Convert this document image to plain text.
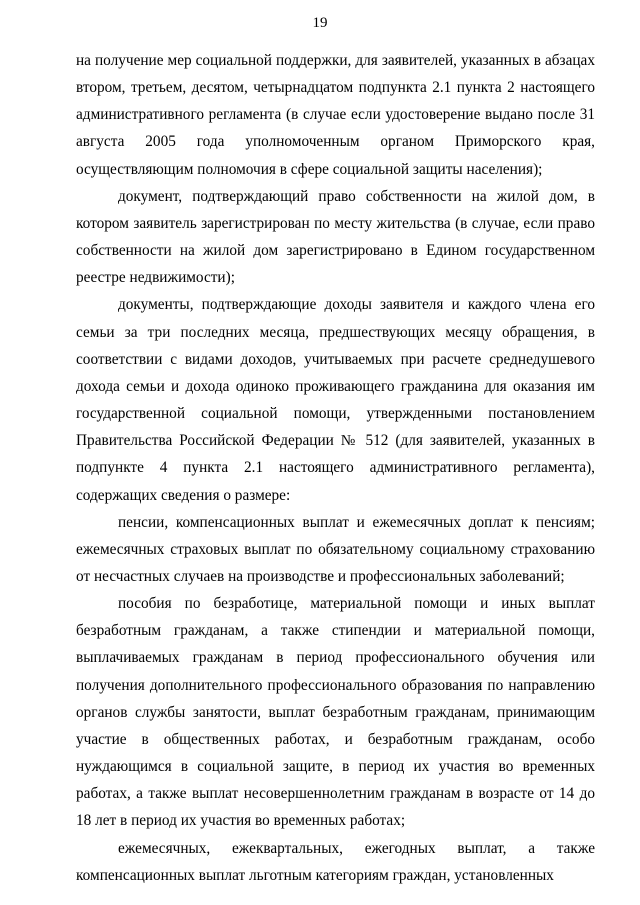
19

на получение мер социальной поддержки, для заявителей, указанных в абзацах втором, третьем, десятом, четырнадцатом подпункта 2.1 пункта 2 настоящего административного регламента (в случае если удостоверение выдано после 31 августа 2005 года уполномоченным органом Приморского края, осуществляющим полномочия в сфере социальной защиты населения);

документ, подтверждающий право собственности на жилой дом, в котором заявитель зарегистрирован по месту жительства (в случае, если право собственности на жилой дом зарегистрировано в Едином государственном реестре недвижимости);

документы, подтверждающие доходы заявителя и каждого члена его семьи за три последних месяца, предшествующих месяцу обращения, в соответствии с видами доходов, учитываемых при расчете среднедушевого дохода семьи и дохода одиноко проживающего гражданина для оказания им государственной социальной помощи, утвержденными постановлением Правительства Российской Федерации № 512 (для заявителей, указанных в подпункте 4 пункта 2.1 настоящего административного регламента), содержащих сведения о размере:

пенсии, компенсационных выплат и ежемесячных доплат к пенсиям; ежемесячных страховых выплат по обязательному социальному страхованию от несчастных случаев на производстве и профессиональных заболеваний;

пособия по безработице, материальной помощи и иных выплат безработным гражданам, а также стипендии и материальной помощи, выплачиваемых гражданам в период профессионального обучения или получения дополнительного профессионального образования по направлению органов службы занятости, выплат безработным гражданам, принимающим участие в общественных работах, и безработным гражданам, особо нуждающимся в социальной защите, в период их участия во временных работах, а также выплат несовершеннолетним гражданам в возрасте от 14 до 18 лет в период их участия во временных работах;

ежемесячных, ежеквартальных, ежегодных выплат, а также компенсационных выплат льготным категориям граждан, установленных
